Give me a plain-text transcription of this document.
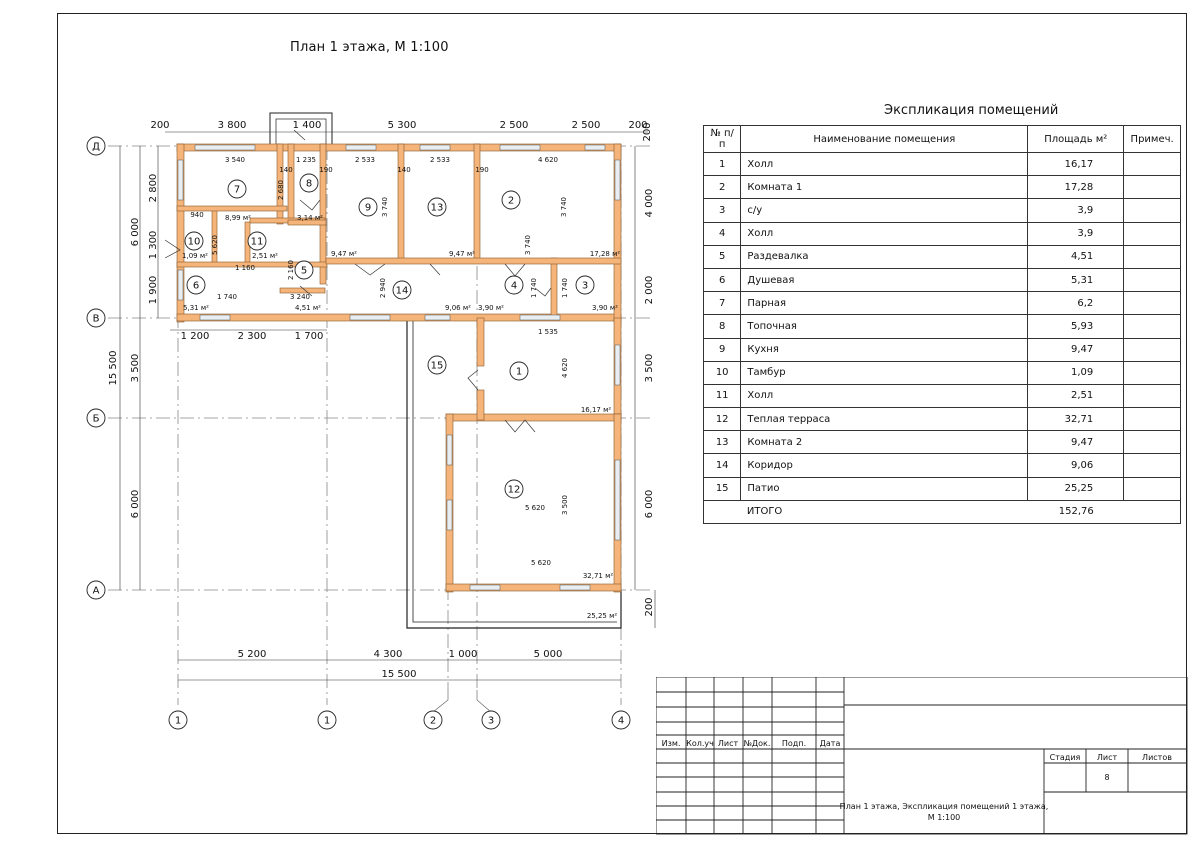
План 1 этажа, М 1:100
Экспликация помещений
№ п/п	Наименование помещения	Площадь м²	Примеч.
1	Холл	16,17	
2	Комната 1	17,28	
3	с/у	3,9	
4	Холл	3,9	
5	Раздевалка	4,51	
6	Душевая	5,31	
7	Парная	6,2	
8	Топочная	5,93	
9	Кухня	9,47	
10	Тамбур	1,09	
11	Холл	2,51	
12	Теплая терраса	32,71	
13	Комната 2	9,47	
14	Коридор	9,06	
15	Патио	25,25	
	ИТОГО	152,76	
200	3 800	1 400	5 300	2 500	2 500	200
5 200	4 300	1 000	5 000
15 500
1 200	2 300	1 700
15 500
6 000
3 500
6 000
2 800
1 300
1 900
4 000
2 000
3 500
6 000
200
200
Д
В
Б
А
1	1	2	3	4
1
16,17 м²
2
17,28 м²
3
3,90 м²
4
3,90 м²
5
4,51 м²
6
5,31 м²
7
8,99 м²
8
3,14 м²
9
9,47 м²
10
1,09 м²
11
2,51 м²
12
32,71 м²
13
9,47 м²
14
9,06 м²
15
25,25 м²
3 540	1 235	2 533	2 533	4 620
940
2 680
3 740	3 740
3 740
5 620
1 160	2 160
2 940	1 740
1 740
1 740	3 240
1 535
4 620
3 500
5 620
5 620
140	190	140	190
Изм. Кол.уч Лист №Док. Подп. Дата
Стадия Лист	Листов
8
План 1 этажа, Экспликация помещений 1 этажа,
М 1:100
